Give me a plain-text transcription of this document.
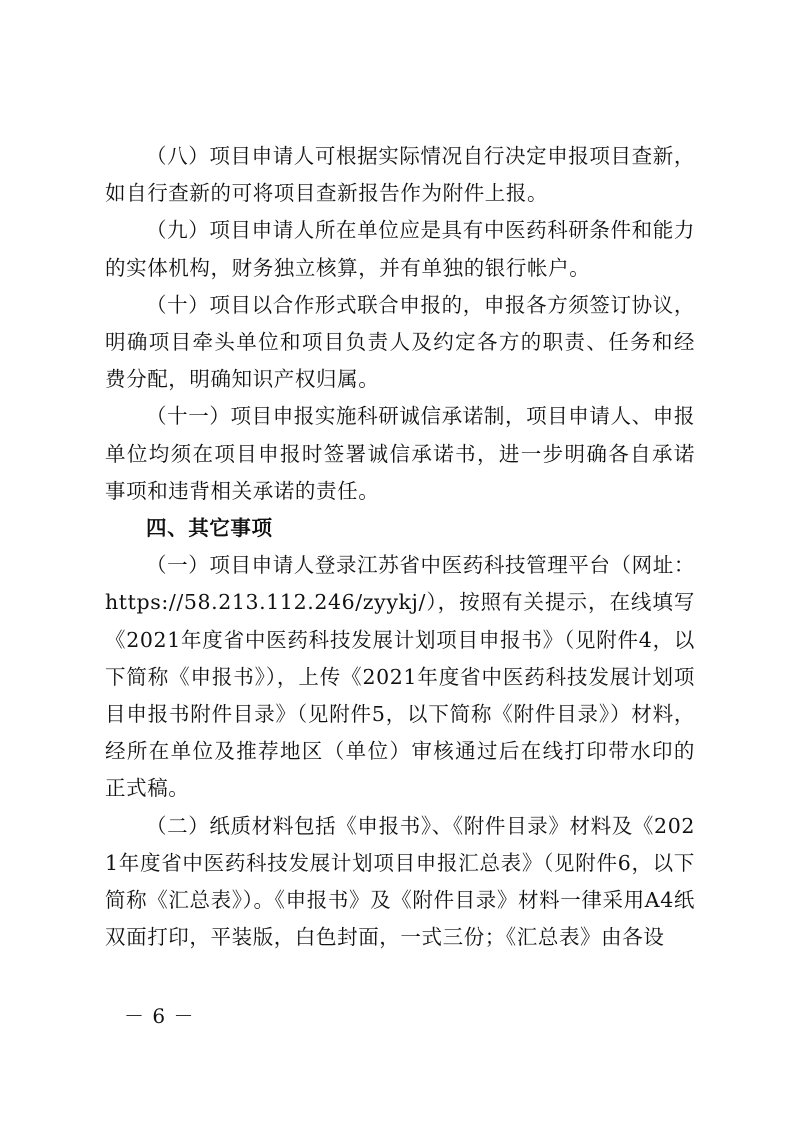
（八）项目申请人可根据实际情况自行决定申报项目查新，如自行查新的可将项目查新报告作为附件上报。

（九）项目申请人所在单位应是具有中医药科研条件和能力的实体机构，财务独立核算，并有单独的银行帐户。

（十）项目以合作形式联合申报的，申报各方须签订协议，明确项目牵头单位和项目负责人及约定各方的职责、任务和经费分配，明确知识产权归属。

（十一）项目申报实施科研诚信承诺制，项目申请人、申报单位均须在项目申报时签署诚信承诺书，进一步明确各自承诺事项和违背相关承诺的责任。

四、其它事项

（一）项目申请人登录江苏省中医药科技管理平台（网址：https://58.213.112.246/zyykj/），按照有关提示，在线填写《2021年度省中医药科技发展计划项目申报书》（见附件4，以下简称《申报书》），上传《2021年度省中医药科技发展计划项目申报书附件目录》（见附件5，以下简称《附件目录》）材料，经所在单位及推荐地区（单位）审核通过后在线打印带水印的正式稿。

（二）纸质材料包括《申报书》、《附件目录》材料及《2021年度省中医药科技发展计划项目申报汇总表》（见附件6，以下简称《汇总表》）。《申报书》及《附件目录》材料一律采用A4纸双面打印，平装版，白色封面，一式三份；《汇总表》由各设

－ 6 －
